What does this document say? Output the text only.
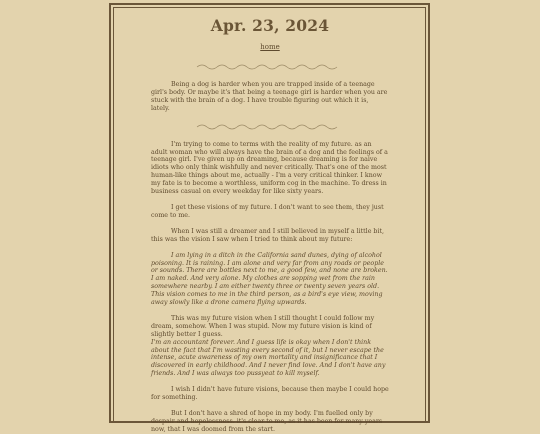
Apr. 23, 2024
home

Being a dog is harder when you are trapped inside of a teenage girl's body. Or maybe it's that being a teenage girl is harder when you are stuck with the brain of a dog. I have trouble figuring out which it is, lately.

I'm trying to come to terms with the reality of my future. as an adult woman who will always have the brain of a dog and the feelings of a teenage girl. I've given up on dreaming, because dreaming is for naive idiots who only think wishfully and never critically. That's one of the most human-like things about me, actually - I'm a very critical thinker. I know my fate is to become a worthless, uniform cog in the machine. To dress in business casual on every weekday for like sixty years.

I get these visions of my future. I don't want to see them, they just come to me.

When I was still a dreamer and I still believed in myself a little bit, this was the vision I saw when I tried to think about my future:

I am lying in a ditch in the California sand dunes, dying of alcohol poisoning. It is raining. I am alone and very far from any roads or people or sounds. There are bottles next to me, a good few, and none are broken. I am naked. And very alone. My clothes are sopping wet from the rain somewhere nearby. I am either twenty three or twenty seven years old. This vision comes to me in the third person, as a bird's eye view, moving away slowly like a drone camera flying upwards.

This was my future vision when I still thought I could follow my dream, somehow. When I was stupid. Now my future vision is kind of slightly better I guess.

I'm an accountant forever. And I guess life is okay when I don't think about the fact that I'm wasting every second of it, but I never escape the intense, acute awareness of my own mortality and insignificance that I discovered in early childhood. And I never find love. And I don't have any friends. And I was always too pussyeat to kill myself.

I wish I didn't have future visions, because then maybe I could hope for something.

But I don't have a shred of hope in my body. I'm fuelled only by despair and hopelessness. it's clear to me, as it has been for many years now, that I was doomed from the start.
